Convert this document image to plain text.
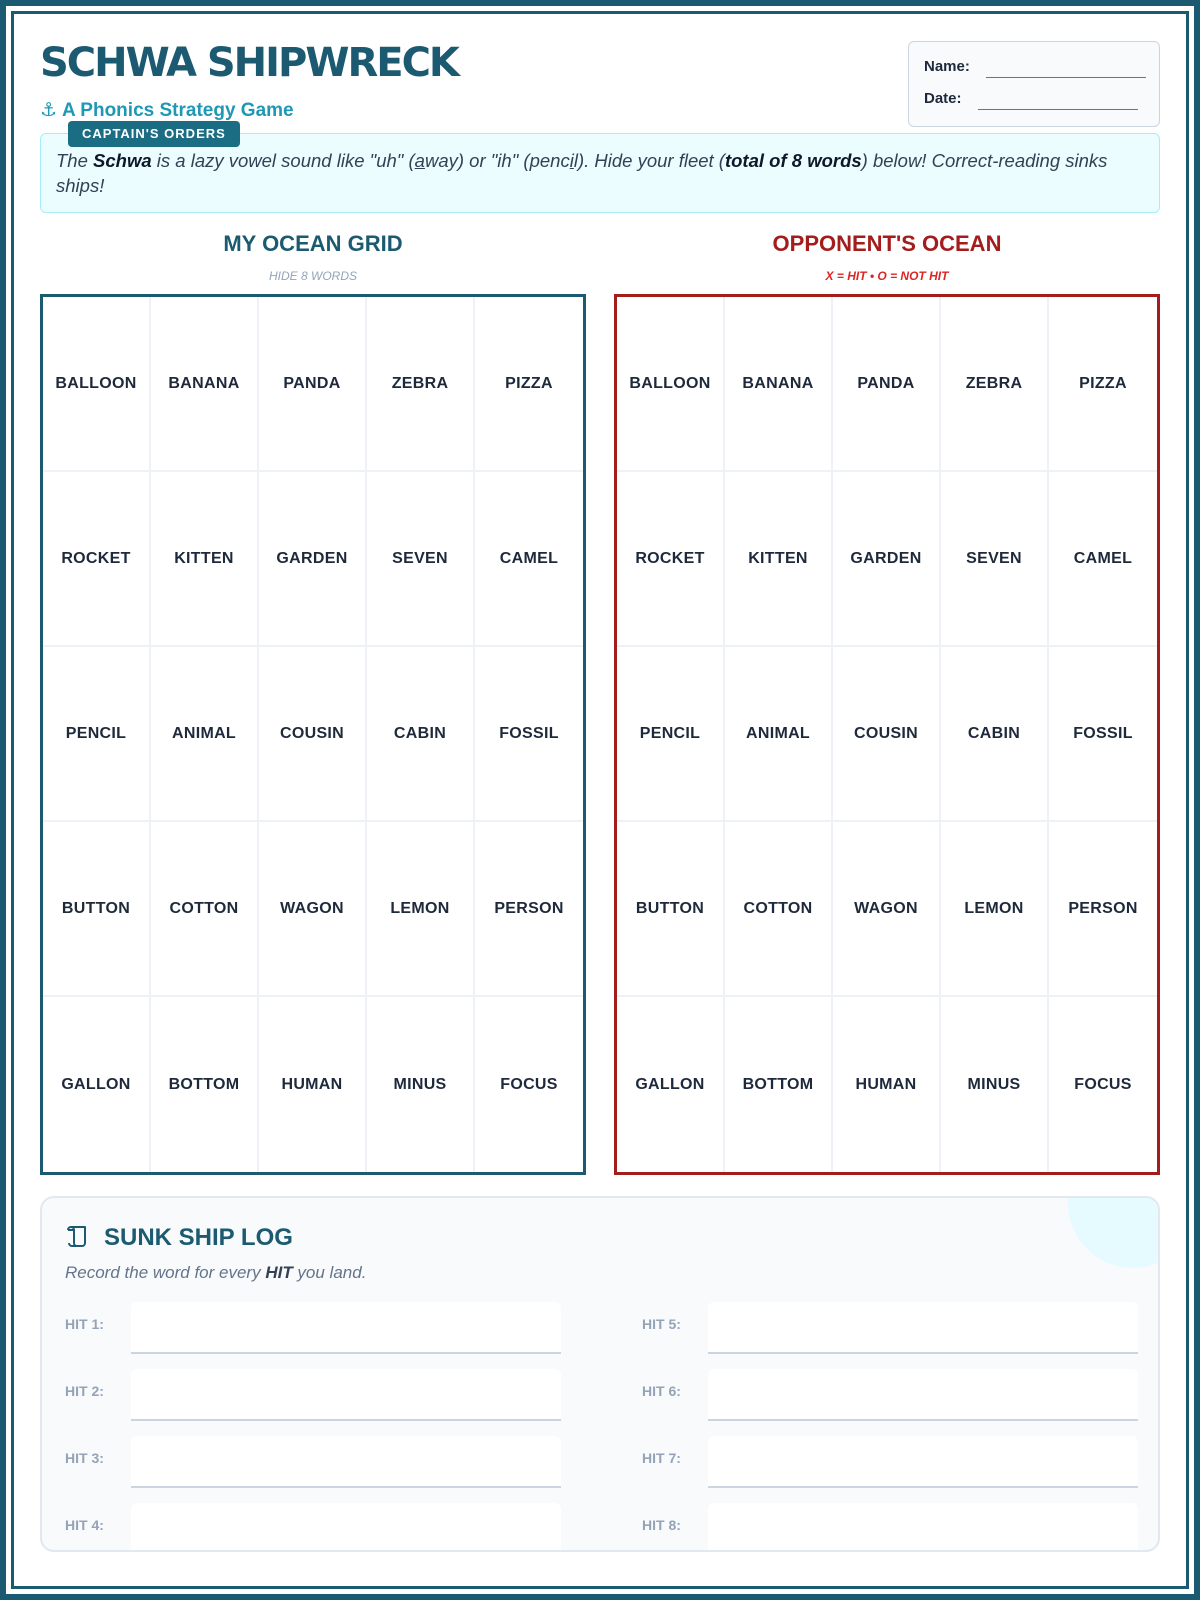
SCHWA SHIPWRECK
⚓ A Phonics Strategy Game
Name:
Date:

The Schwa is a lazy vowel sound like "uh" (away) or "ih" (pencil). Hide your fleet (total of 8 words) below! Correct-reading sinks ships!

CAPTAIN'S ORDERS
MY OCEAN GRID
HIDE 8 WORDS
OPPONENT'S OCEAN
X = HIT • O = NOT HIT
BALLOON	BANANA	PANDA	ZEBRA	PIZZA
ROCKET	KITTEN	GARDEN	SEVEN	CAMEL
PENCIL	ANIMAL	COUSIN	CABIN	FOSSIL
BUTTON	COTTON	WAGON	LEMON	PERSON
GALLON	BOTTOM	HUMAN	MINUS	FOCUS
BALLOON	BANANA	PANDA	ZEBRA	PIZZA
ROCKET	KITTEN	GARDEN	SEVEN	CAMEL
PENCIL	ANIMAL	COUSIN	CABIN	FOSSIL
BUTTON	COTTON	WAGON	LEMON	PERSON
GALLON	BOTTOM	HUMAN	MINUS	FOCUS
SUNK SHIP LOG

Record the word for every HIT you land.

HIT 1:
HIT 2:
HIT 3:
HIT 4:
HIT 5:
HIT 6:
HIT 7:
HIT 8:
